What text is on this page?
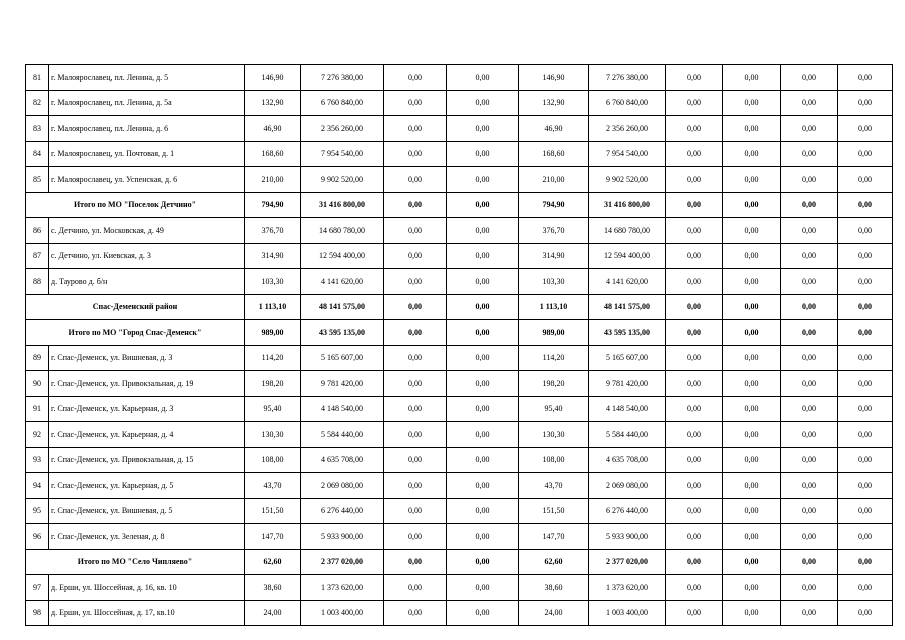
81	г. Малоярославец, пл. Ленина, д. 5	146,90	7 276 380,00	0,00	0,00	146,90	7 276 380,00	0,00	0,00	0,00	0,00
82	г. Малоярославец, пл. Ленина, д. 5а	132,90	6 760 840,00	0,00	0,00	132,90	6 760 840,00	0,00	0,00	0,00	0,00
83	г. Малоярославец, пл. Ленина, д. 6	46,90	2 356 260,00	0,00	0,00	46,90	2 356 260,00	0,00	0,00	0,00	0,00
84	г. Малоярославец, ул. Почтовая, д. 1	168,60	7 954 540,00	0,00	0,00	168,60	7 954 540,00	0,00	0,00	0,00	0,00
85	г. Малоярославец, ул. Успенская, д. 6	210,00	9 902 520,00	0,00	0,00	210,00	9 902 520,00	0,00	0,00	0,00	0,00
Итого по МО "Поселок Детчино"		794,90	31 416 800,00	0,00	0,00	794,90	31 416 800,00	0,00	0,00	0,00	0,00
86	с. Детчино, ул. Московская, д. 49	376,70	14 680 780,00	0,00	0,00	376,70	14 680 780,00	0,00	0,00	0,00	0,00
87	с. Детчино, ул. Киевская, д. 3	314,90	12 594 400,00	0,00	0,00	314,90	12 594 400,00	0,00	0,00	0,00	0,00
88	д. Таурово д. б/н	103,30	4 141 620,00	0,00	0,00	103,30	4 141 620,00	0,00	0,00	0,00	0,00
Спас-Деменский район		1 113,10	48 141 575,00	0,00	0,00	1 113,10	48 141 575,00	0,00	0,00	0,00	0,00
Итого по МО "Город Спас-Деменск"		989,00	43 595 135,00	0,00	0,00	989,00	43 595 135,00	0,00	0,00	0,00	0,00
89	г. Спас-Деменск, ул. Вишневая, д. 3	114,20	5 165 607,00	0,00	0,00	114,20	5 165 607,00	0,00	0,00	0,00	0,00
90	г. Спас-Деменск, ул. Привокзальная, д. 19	198,20	9 781 420,00	0,00	0,00	198,20	9 781 420,00	0,00	0,00	0,00	0,00
91	г. Спас-Деменск, ул. Карьерная, д. 3	95,40	4 148 540,00	0,00	0,00	95,40	4 148 540,00	0,00	0,00	0,00	0,00
92	г. Спас-Деменск, ул. Карьерная, д. 4	130,30	5 584 440,00	0,00	0,00	130,30	5 584 440,00	0,00	0,00	0,00	0,00
93	г. Спас-Деменск, ул. Привокзальная, д. 15	108,00	4 635 708,00	0,00	0,00	108,00	4 635 708,00	0,00	0,00	0,00	0,00
94	г. Спас-Деменск, ул. Карьерная, д. 5	43,70	2 069 080,00	0,00	0,00	43,70	2 069 080,00	0,00	0,00	0,00	0,00
95	г. Спас-Деменск, ул. Вишневая, д. 5	151,50	6 276 440,00	0,00	0,00	151,50	6 276 440,00	0,00	0,00	0,00	0,00
96	г. Спас-Деменск, ул. Зеленая, д. 8	147,70	5 933 900,00	0,00	0,00	147,70	5 933 900,00	0,00	0,00	0,00	0,00
Итого по МО "Село Чипляево"		62,60	2 377 020,00	0,00	0,00	62,60	2 377 020,00	0,00	0,00	0,00	0,00
97	д. Ерши, ул. Шоссейная, д. 16, кв. 10	38,60	1 373 620,00	0,00	0,00	38,60	1 373 620,00	0,00	0,00	0,00	0,00
98	д. Ерши, ул. Шоссейная, д. 17, кв.10	24,00	1 003 400,00	0,00	0,00	24,00	1 003 400,00	0,00	0,00	0,00	0,00
